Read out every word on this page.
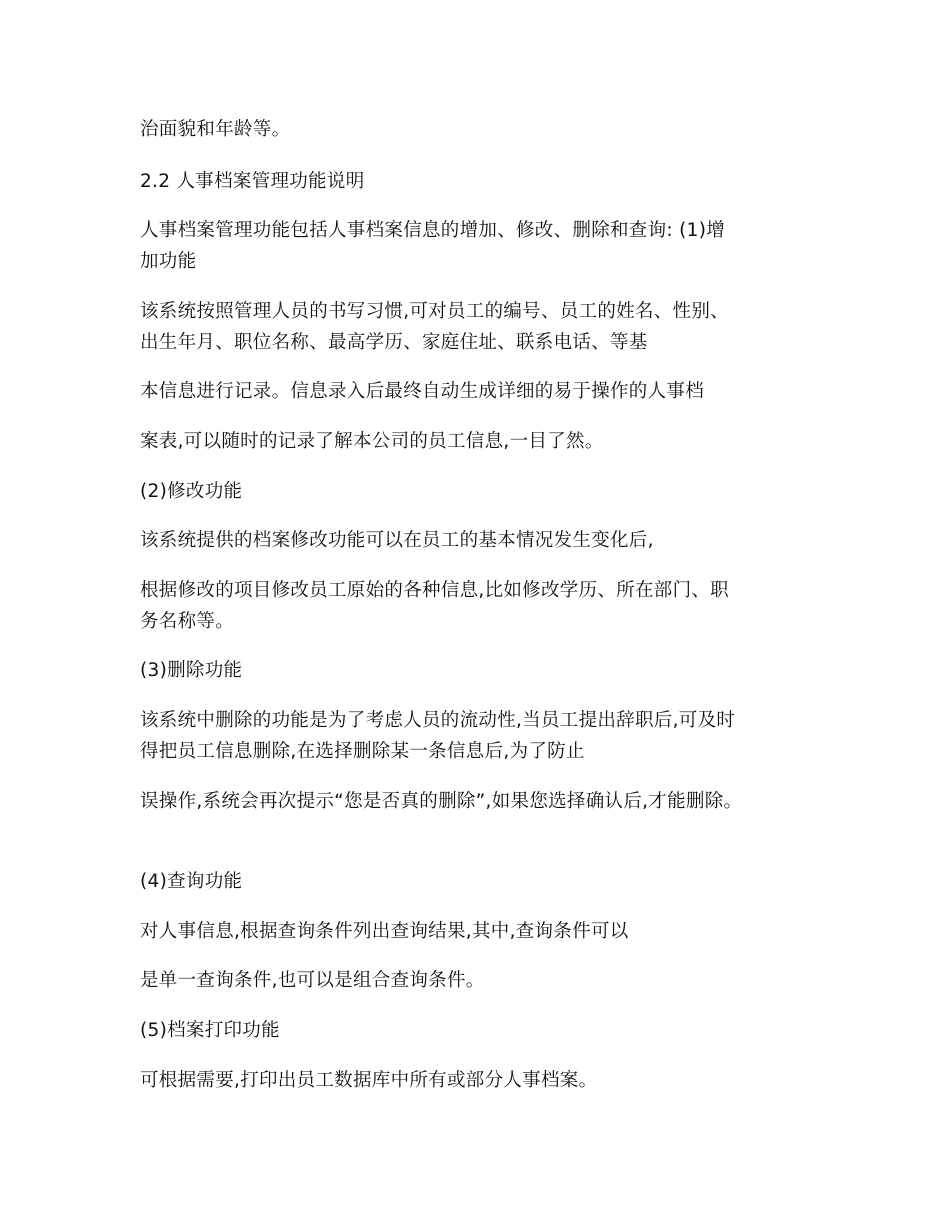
治面貌和年龄等。
2.2 人事档案管理功能说明
人事档案管理功能包括人事档案信息的增加、修改、删除和查询: (1)增
加功能
该系统按照管理人员的书写习惯,可对员工的编号、员工的姓名、性别、
出生年月、职位名称、最高学历、家庭住址、联系电话、等基
本信息进行记录。信息录入后最终自动生成详细的易于操作的人事档
案表,可以随时的记录了解本公司的员工信息,一目了然。
(2)修改功能
该系统提供的档案修改功能可以在员工的基本情况发生变化后,
根据修改的项目修改员工原始的各种信息,比如修改学历、所在部门、职
务名称等。
(3)删除功能
该系统中删除的功能是为了考虑人员的流动性,当员工提出辞职后,可及时
得把员工信息删除,在选择删除某一条信息后,为了防止
误操作,系统会再次提示“您是否真的删除”,如果您选择确认后,才能删除。
(4)查询功能
对人事信息,根据查询条件列出查询结果,其中,查询条件可以
是单一查询条件,也可以是组合查询条件。
(5)档案打印功能
可根据需要,打印出员工数据库中所有或部分人事档案。
